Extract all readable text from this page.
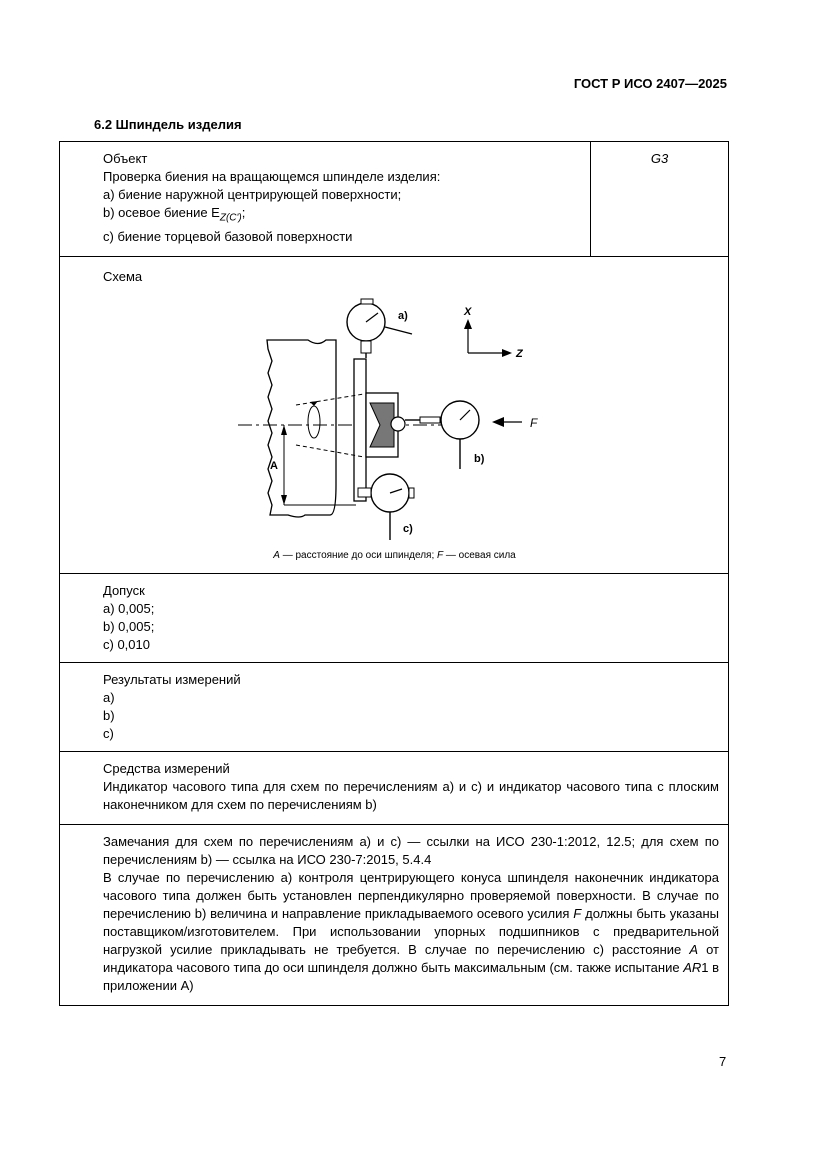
ГОСТ Р ИСО 2407—2025
6.2 Шпиндель изделия
Объект
Проверка биения на вращающемся шпинделе изделия:
а) биение наружной центрирующей поверхности;
b) осевое биение $E_{Z(C')}$;
с) биение торцевой базовой поверхности

G3

Схема
а)
b)
F
с)
A
X
Z
A — расстояние до оси шпинделя; F — осевая сила

Допуск
а) 0,005;
b) 0,005;
с) 0,010

Результаты измерений
а)
b)
с)

Средства измерений

Индикатор часового типа для схем по перечислениям а) и с) и индикатор часового типа с плоским наконечником для схем по перечислениям b)

Замечания для схем по перечислениям а) и с) — ссылки на ИСО 230-1:2012, 12.5; для схем по перечислениям b) — ссылка на ИСО 230-7:2015, 5.4.4

В случае по перечислению а) контроля центрирующего конуса шпинделя наконечник индикатора часового типа должен быть установлен перпендикулярно проверяемой поверхности. В случае по перечислению b) величина и направление прикладываемого осевого усилия F должны быть указаны поставщиком/изготовителем. При использовании упорных подшипников с предварительной нагрузкой усилие прикладывать не требуется. В случае по перечислению с) расстояние A от индикатора часового типа до оси шпинделя должно быть максимальным (см. также испытание AR1 в приложении А)

7
